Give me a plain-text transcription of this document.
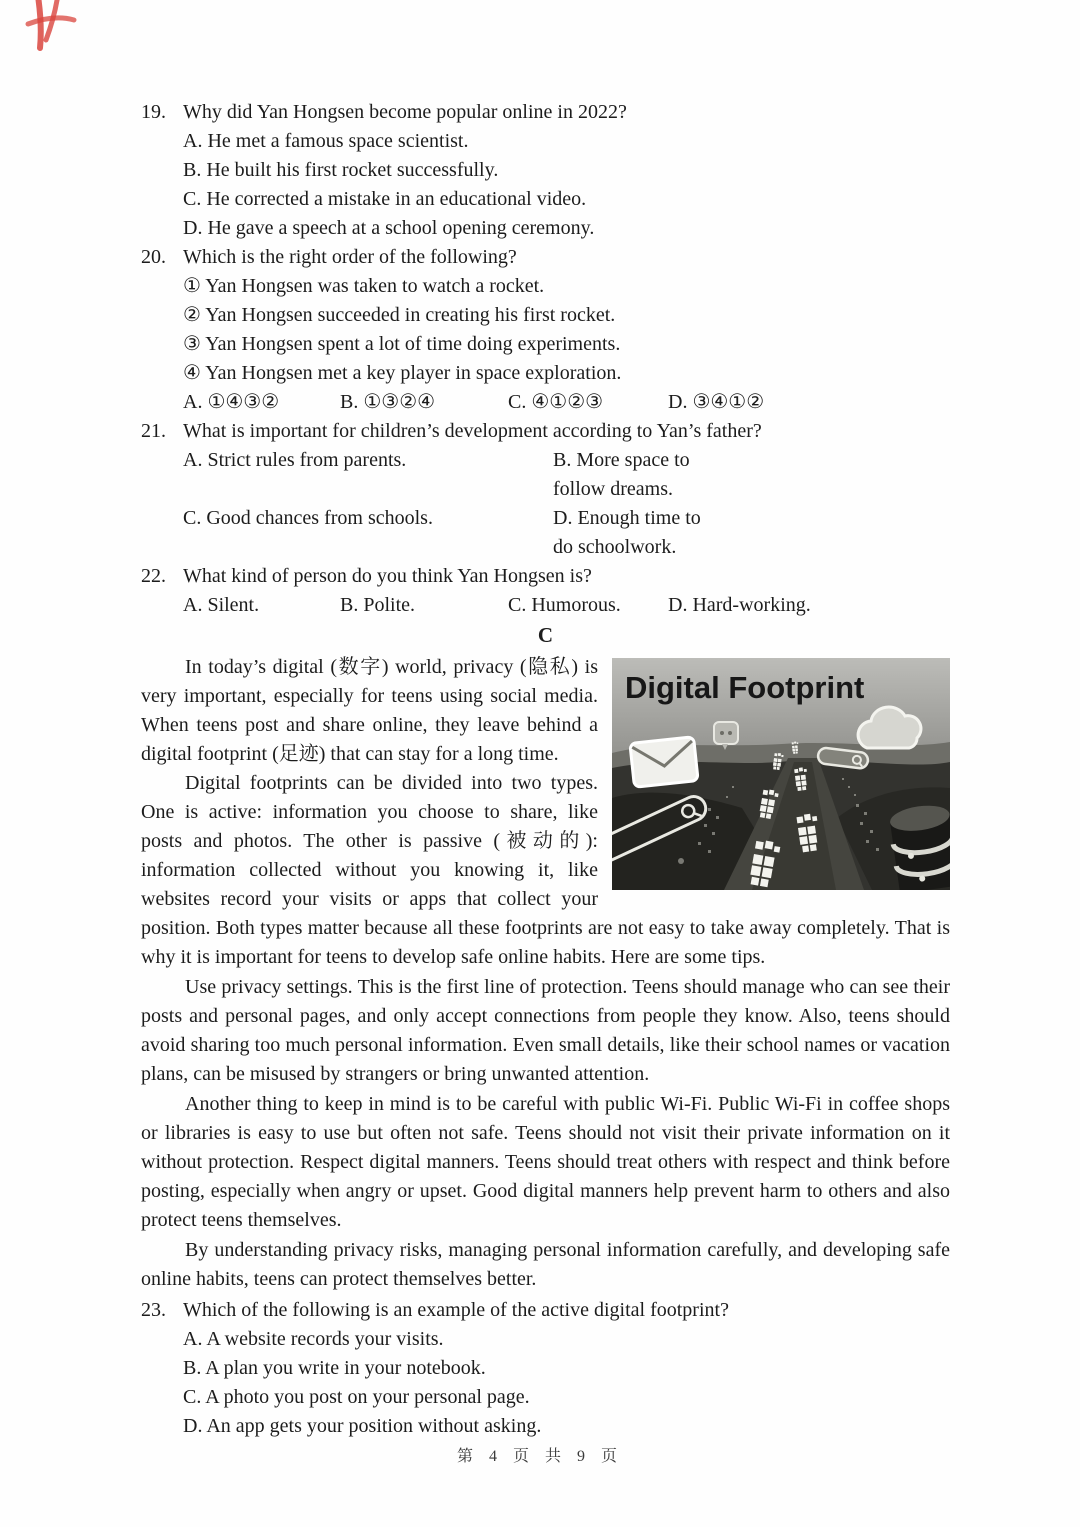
19. Why did Yan Hongsen become popular online in 2022?
A. He met a famous space scientist.
B. He built his first rocket successfully.
C. He corrected a mistake in an educational video.
D. He gave a speech at a school opening ceremony.
20. Which is the right order of the following?
① Yan Hongsen was taken to watch a rocket.
② Yan Hongsen succeeded in creating his first rocket.
③ Yan Hongsen spent a lot of time doing experiments.
④ Yan Hongsen met a key player in space exploration.
A. ①④③②	B. ①③②④	C. ④①②③	D. ③④①②
21. What is important for children’s development according to Yan’s father?
A. Strict rules from parents.	B. More space to follow dreams.
C. Good chances from schools.	D. Enough time to do schoolwork.
22. What kind of person do you think Yan Hongsen is?
A. Silent.	B. Polite.	C. Humorous.	D. Hard-working.
C
Digital Footprint

In today’s digital (数字) world, privacy (隐私) is very important, especially for teens using social media. When teens post and share online, they leave behind a digital footprint (足迹) that can stay for a long time.

Digital footprints can be divided into two types. One is active: information you choose to share, like posts and photos. The other is passive (被动的): information collected without you knowing it, like websites record your visits or apps that collect your position. Both types matter because all these footprints are not easy to take away completely. That is why it is important for teens to develop safe online habits. Here are some tips.

Use privacy settings. This is the first line of protection. Teens should manage who can see their posts and personal pages, and only accept connections from people they know. Also, teens should avoid sharing too much personal information. Even small details, like their school names or vacation plans, can be misused by strangers or bring unwanted attention.

Another thing to keep in mind is to be careful with public Wi-Fi. Public Wi-Fi in coffee shops or libraries is easy to use but often not safe. Teens should not visit their private information on it without protection. Respect digital manners. Teens should treat others with respect and think before posting, especially when angry or upset. Good digital manners help prevent harm to others and also protect teens themselves.

By understanding privacy risks, managing personal information carefully, and developing safe online habits, teens can protect themselves better.

23. Which of the following is an example of the active digital footprint?
A. A website records your visits.
B. A plan you write in your notebook.
C. A photo you post on your personal page.
D. An app gets your position without asking.
第 4 页 共 9 页
